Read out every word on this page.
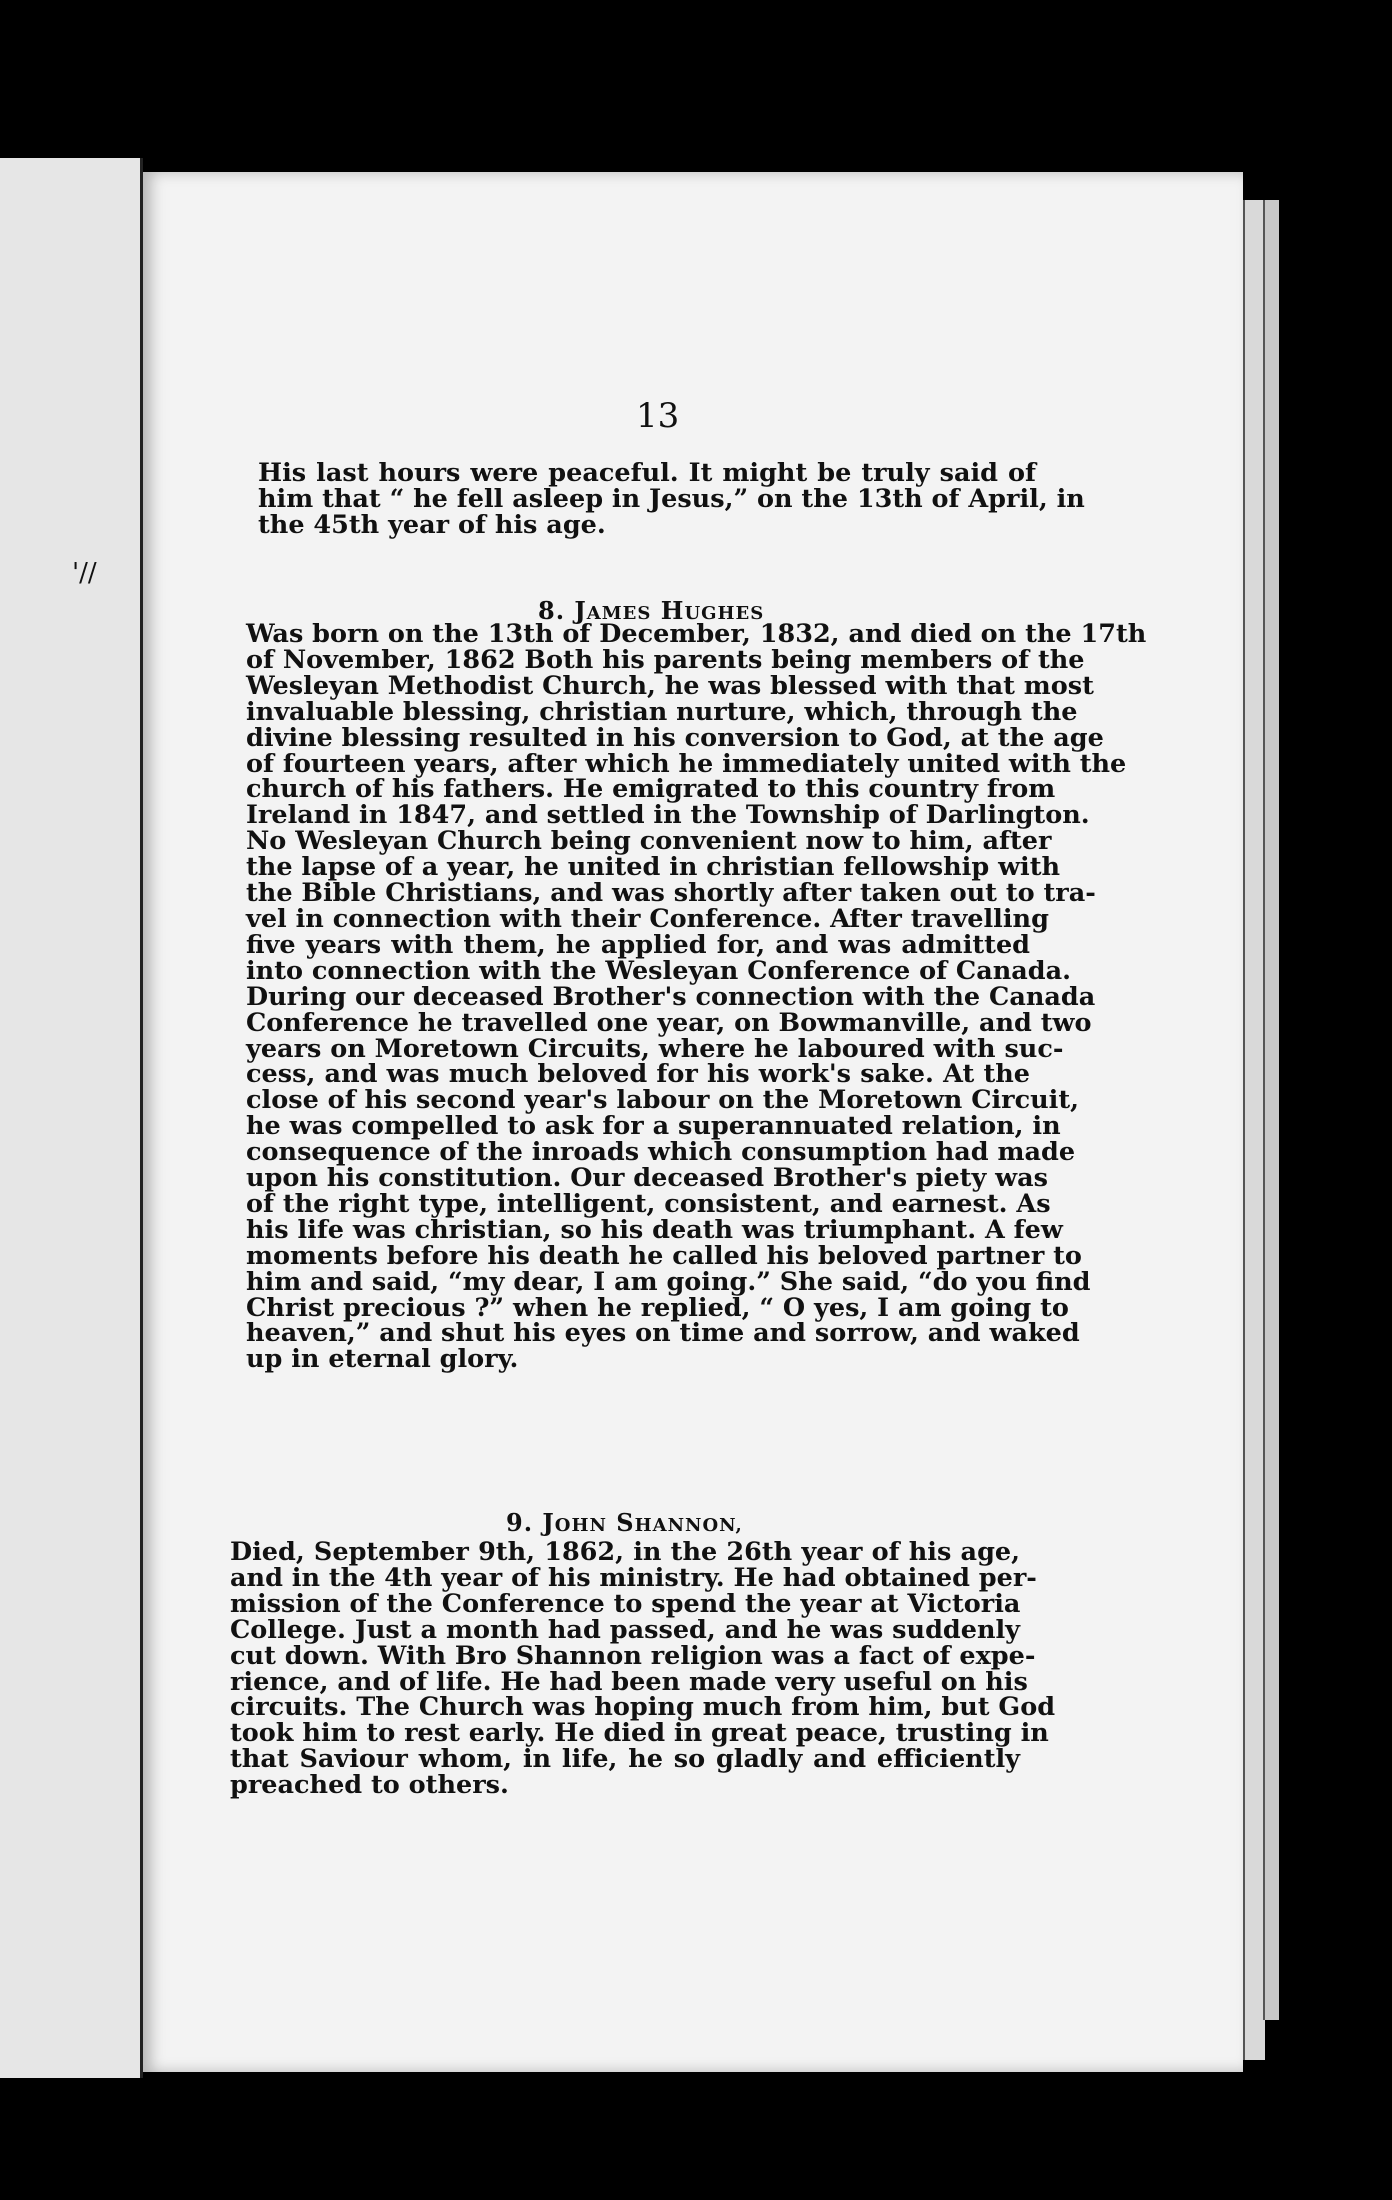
'//
13
His last hours were peaceful. It might be truly said of
him that “ he fell asleep in Jesus,” on the 13th of April, in
the 45th year of his age.
8. JAMES HUGHES
Was born on the 13th of December, 1832, and died on the 17th
of November, 1862 Both his parents being members of the
Wesleyan Methodist Church, he was blessed with that most
invaluable blessing, christian nurture, which, through the
divine blessing resulted in his conversion to God, at the age
of fourteen years, after which he immediately united with the
church of his fathers. He emigrated to this country from
Ireland in 1847, and settled in the Township of Darlington.
No Wesleyan Church being convenient now to him, after
the lapse of a year, he united in christian fellowship with
the Bible Christians, and was shortly after taken out to tra-
vel in connection with their Conference. After travelling
five years with them, he applied for, and was admitted
into connection with the Wesleyan Conference of Canada.
During our deceased Brother's connection with the Canada
Conference he travelled one year, on Bowmanville, and two
years on Moretown Circuits, where he laboured with suc-
cess, and was much beloved for his work's sake. At the
close of his second year's labour on the Moretown Circuit,
he was compelled to ask for a superannuated relation, in
consequence of the inroads which consumption had made
upon his constitution. Our deceased Brother's piety was
of the right type, intelligent, consistent, and earnest. As
his life was christian, so his death was triumphant. A few
moments before his death he called his beloved partner to
him and said, “my dear, I am going.” She said, “do you find
Christ precious ?” when he replied, “ O yes, I am going to
heaven,” and shut his eyes on time and sorrow, and waked
up in eternal glory.
9. JOHN SHANNON,
Died, September 9th, 1862, in the 26th year of his age,
and in the 4th year of his ministry. He had obtained per-
mission of the Conference to spend the year at Victoria
College. Just a month had passed, and he was suddenly
cut down. With Bro Shannon religion was a fact of expe-
rience, and of life. He had been made very useful on his
circuits. The Church was hoping much from him, but God
took him to rest early. He died in great peace, trusting in
that Saviour whom, in life, he so gladly and efficiently
preached to others.
